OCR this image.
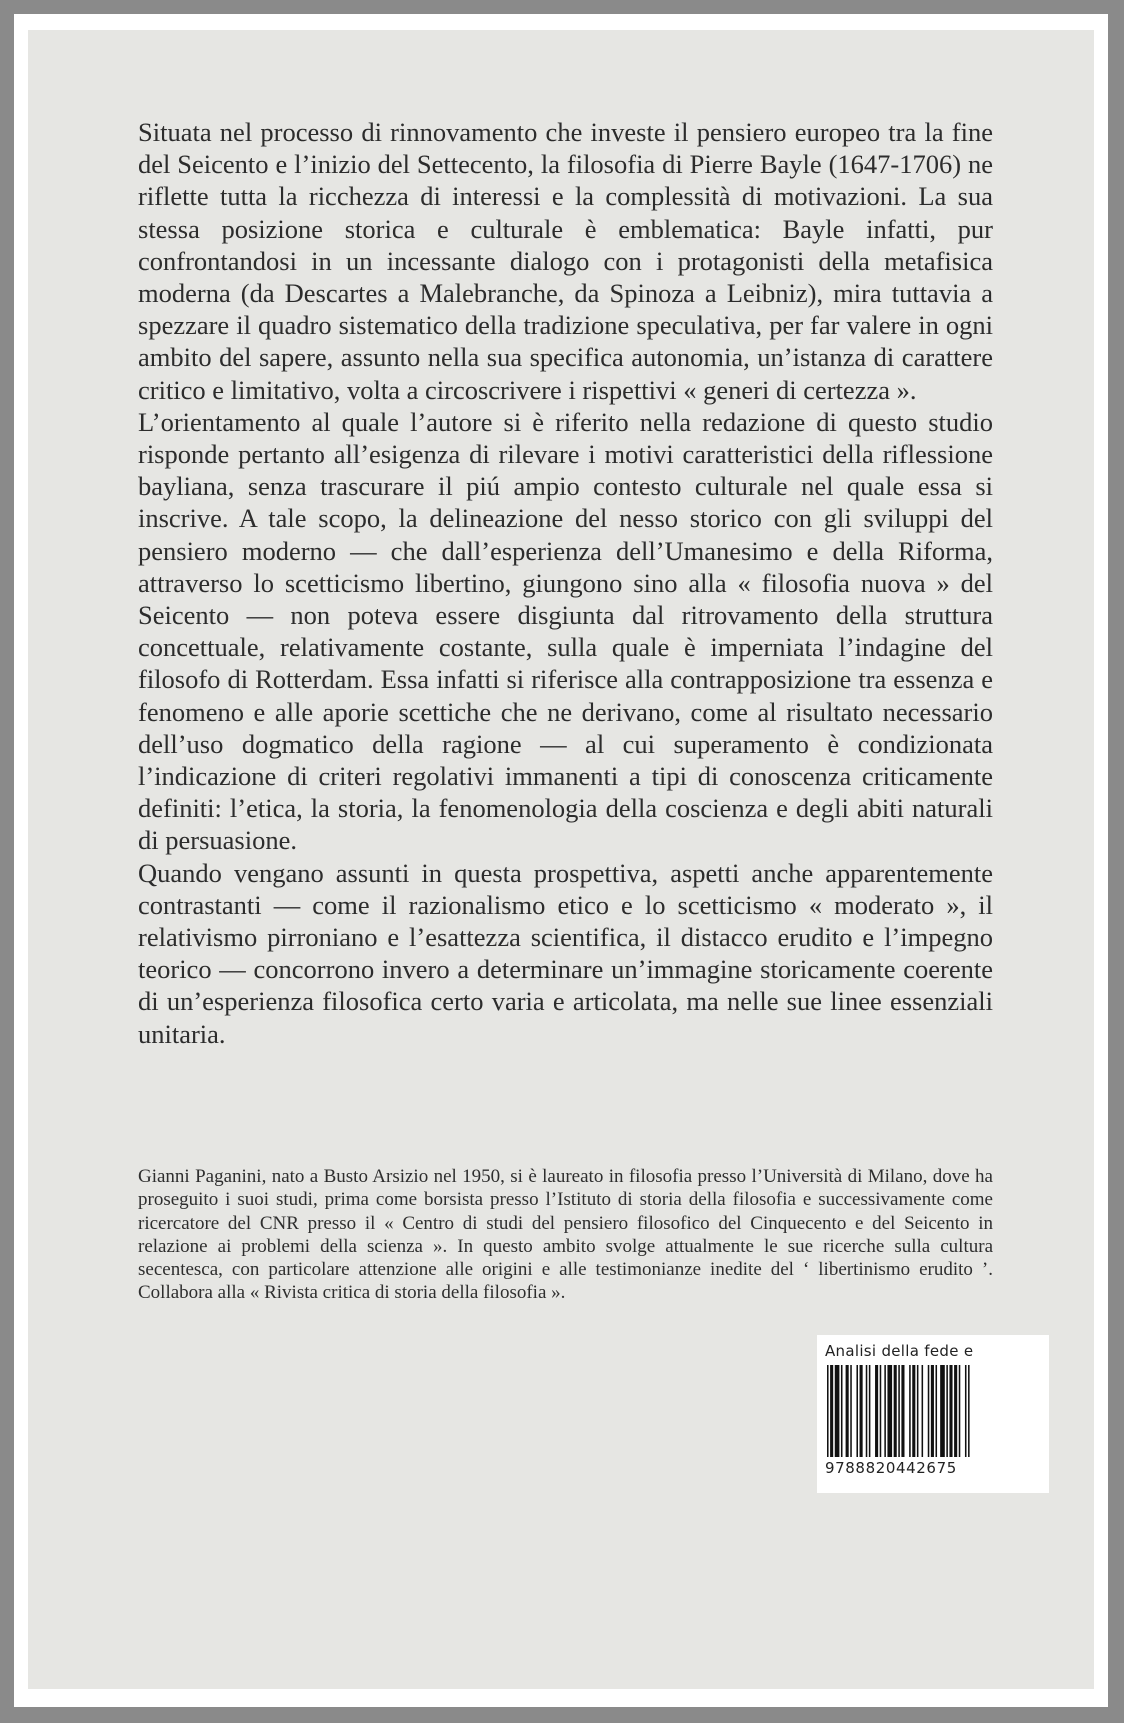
Situata nel processo di rinnovamento che investe il pensiero europeo tra la fine del Seicento e l’inizio del Settecento, la filosofia di Pierre Bayle (1647-1706) ne riflette tutta la ricchezza di interessi e la complessità di motivazioni. La sua stessa posizione storica e culturale è emblematica: Bayle infatti, pur confrontandosi in un incessante dialogo con i protagonisti della metafisica moderna (da Descartes a Malebranche, da Spinoza a Leibniz), mira tuttavia a spezzare il quadro sistematico della tradizione speculativa, per far valere in ogni ambito del sapere, assunto nella sua specifica autonomia, un’istanza di carattere critico e limitativo, volta a circoscrivere i rispettivi « generi di certezza ».

L’orientamento al quale l’autore si è riferito nella redazione di questo studio risponde pertanto all’esigenza di rilevare i motivi caratteristici della riflessione bayliana, senza trascurare il piú ampio contesto culturale nel quale essa si inscrive. A tale scopo, la delineazione del nesso storico con gli sviluppi del pensiero moderno — che dall’esperienza dell’Umanesimo e della Riforma, attraverso lo scetticismo libertino, giungono sino alla « filosofia nuova » del Seicento — non poteva essere disgiunta dal ritrovamento della struttura concettuale, relativamente costante, sulla quale è imperniata l’indagine del filosofo di Rotterdam. Essa infatti si riferisce alla contrapposizione tra essenza e fenomeno e alle aporie scettiche che ne derivano, come al risultato necessario dell’uso dogmatico della ragione — al cui superamento è condizionata l’indicazione di criteri regolativi immanenti a tipi di conoscenza criticamente definiti: l’etica, la storia, la fenomenologia della coscienza e degli abiti naturali di persuasione.

Quando vengano assunti in questa prospettiva, aspetti anche apparentemente contrastanti — come il razionalismo etico e lo scetticismo « moderato », il relativismo pirroniano e l’esattezza scientifica, il distacco erudito e l’impegno teorico — concorrono invero a determinare un’immagine storicamente coerente di un’esperienza filosofica certo varia e articolata, ma nelle sue linee essenziali unitaria.

Gianni Paganini, nato a Busto Arsizio nel 1950, si è laureato in filosofia presso l’Università di Milano, dove ha proseguito i suoi studi, prima come borsista presso l’Istituto di storia della filosofia e successivamente come ricercatore del CNR presso il « Centro di studi del pensiero filosofico del Cinquecento e del Seicento in relazione ai problemi della scienza ». In questo ambito svolge attualmente le sue ricerche sulla cultura secentesca, con particolare attenzione alle origini e alle testimonianze inedite del ‘ libertinismo erudito ’. Collabora alla « Rivista critica di storia della filosofia ».

Analisi della fede e
9788820442675
